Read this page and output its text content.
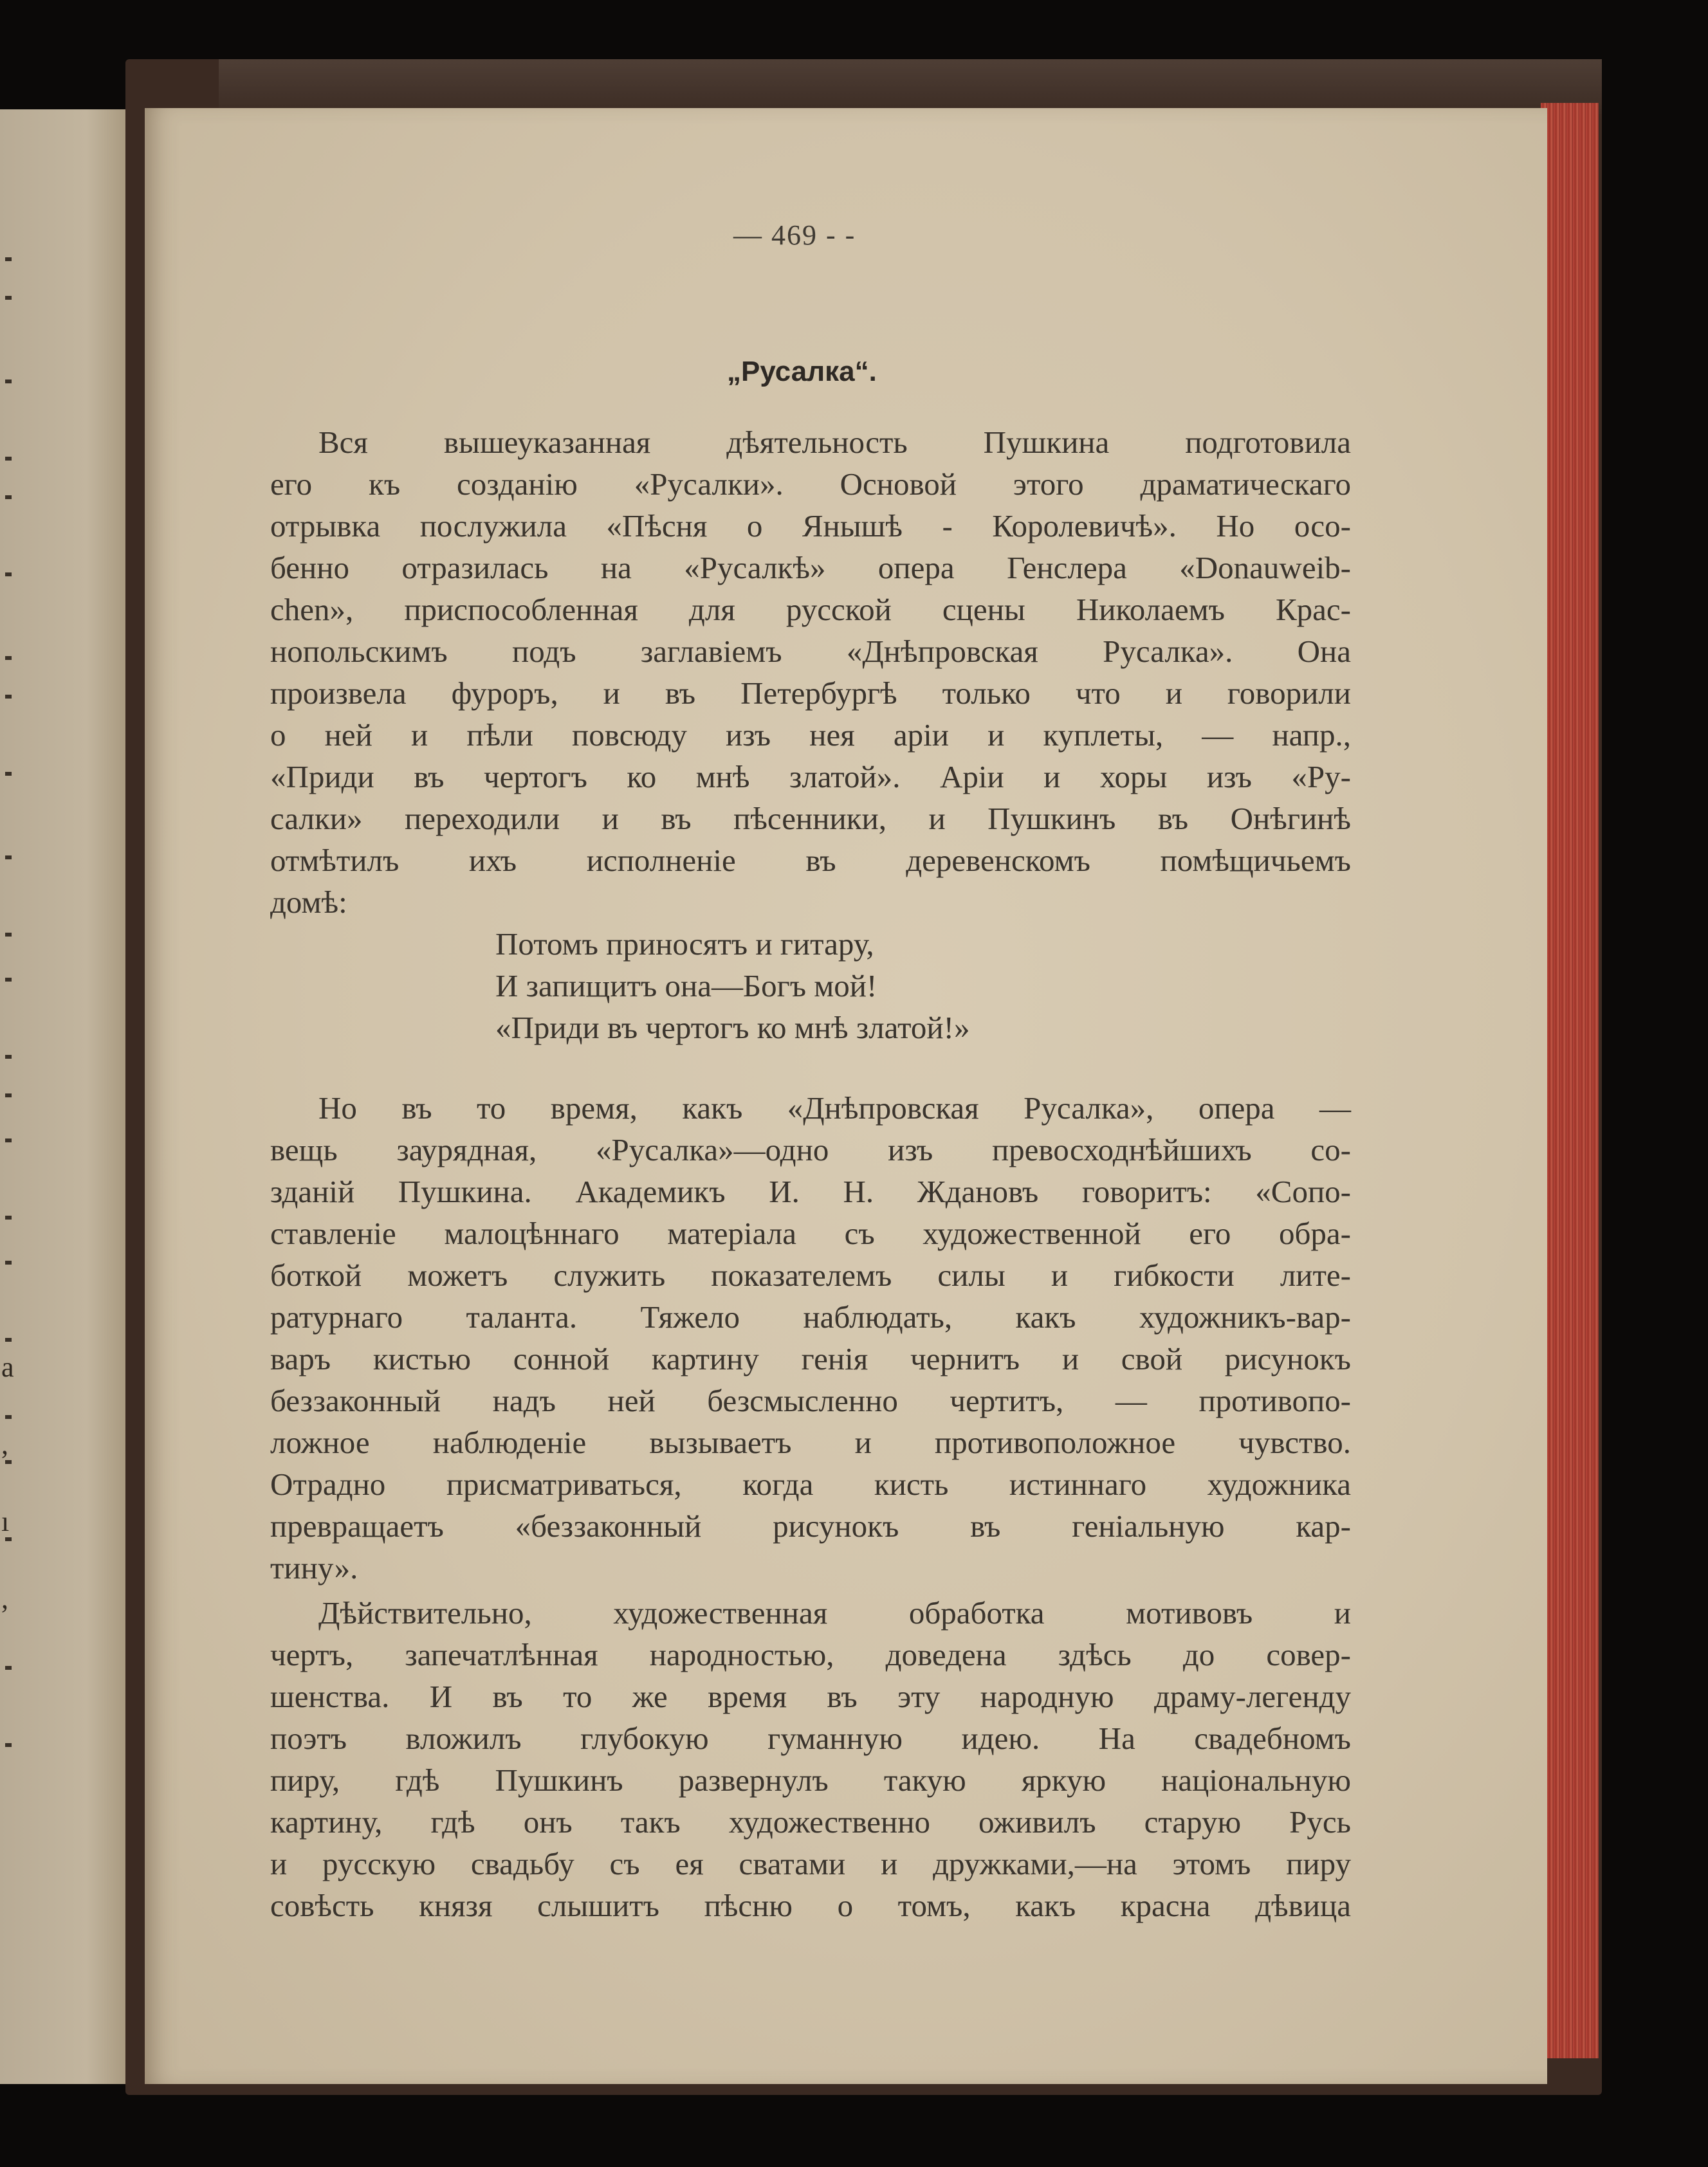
a
,
ı
,
— 469 - -
„Русалка“.
Вся вышеуказанная дѣятельность Пушкина подготовила
его къ созданію «Русалки». Основой этого драматическаго
отрывка послужила «Пѣсня о Янышѣ - Королевичѣ». Но осо-
бенно отразилась на «Русалкѣ» опера Генслера «Donauweib-
chen», приспособленная для русской сцены Николаемъ Крас-
нопольскимъ подъ заглавіемъ «Днѣпровская Русалка». Она
произвела фуроръ, и въ Петербургѣ только что и говорили
о ней и пѣли повсюду изъ нея аріи и куплеты, — напр.,
«Приди въ чертогъ ко мнѣ златой». Аріи и хоры изъ «Ру-
салки» переходили и въ пѣсенники, и Пушкинъ въ Онѣгинѣ
отмѣтилъ ихъ исполненіе въ деревенскомъ помѣщичьемъ
домѣ:
Потомъ приносятъ и гитару,
И запищитъ она—Богъ мой!
«Приди въ чертогъ ко мнѣ златой!»
Но въ то время, какъ «Днѣпровская Русалка», опера —
вещь заурядная, «Русалка»—одно изъ превосходнѣйшихъ со-
зданій Пушкина. Академикъ И. Н. Ждановъ говоритъ: «Сопо-
ставленіе малоцѣннаго матеріала съ художественной его обра-
боткой можетъ служить показателемъ силы и гибкости лите-
ратурнаго таланта. Тяжело наблюдать, какъ художникъ-вар-
варъ кистью сонной картину генія чернитъ и свой рисунокъ
беззаконный надъ ней безсмысленно чертитъ, — противопо-
ложное наблюденіе вызываетъ и противоположное чувство.
Отрадно присматриваться, когда кисть истиннаго художника
превращаетъ «беззаконный рисунокъ въ геніальную кар-
тину».
Дѣйствительно, художественная обработка мотивовъ и
чертъ, запечатлѣнная народностью, доведена здѣсь до совер-
шенства. И въ то же время въ эту народную драму-легенду
поэтъ вложилъ глубокую гуманную идею. На свадебномъ
пиру, гдѣ Пушкинъ развернулъ такую яркую національную
картину, гдѣ онъ такъ художественно оживилъ старую Русь
и русскую свадьбу съ ея сватами и дружками,—на этомъ пиру
совѣсть князя слышитъ пѣсню о томъ, какъ красна дѣвица
